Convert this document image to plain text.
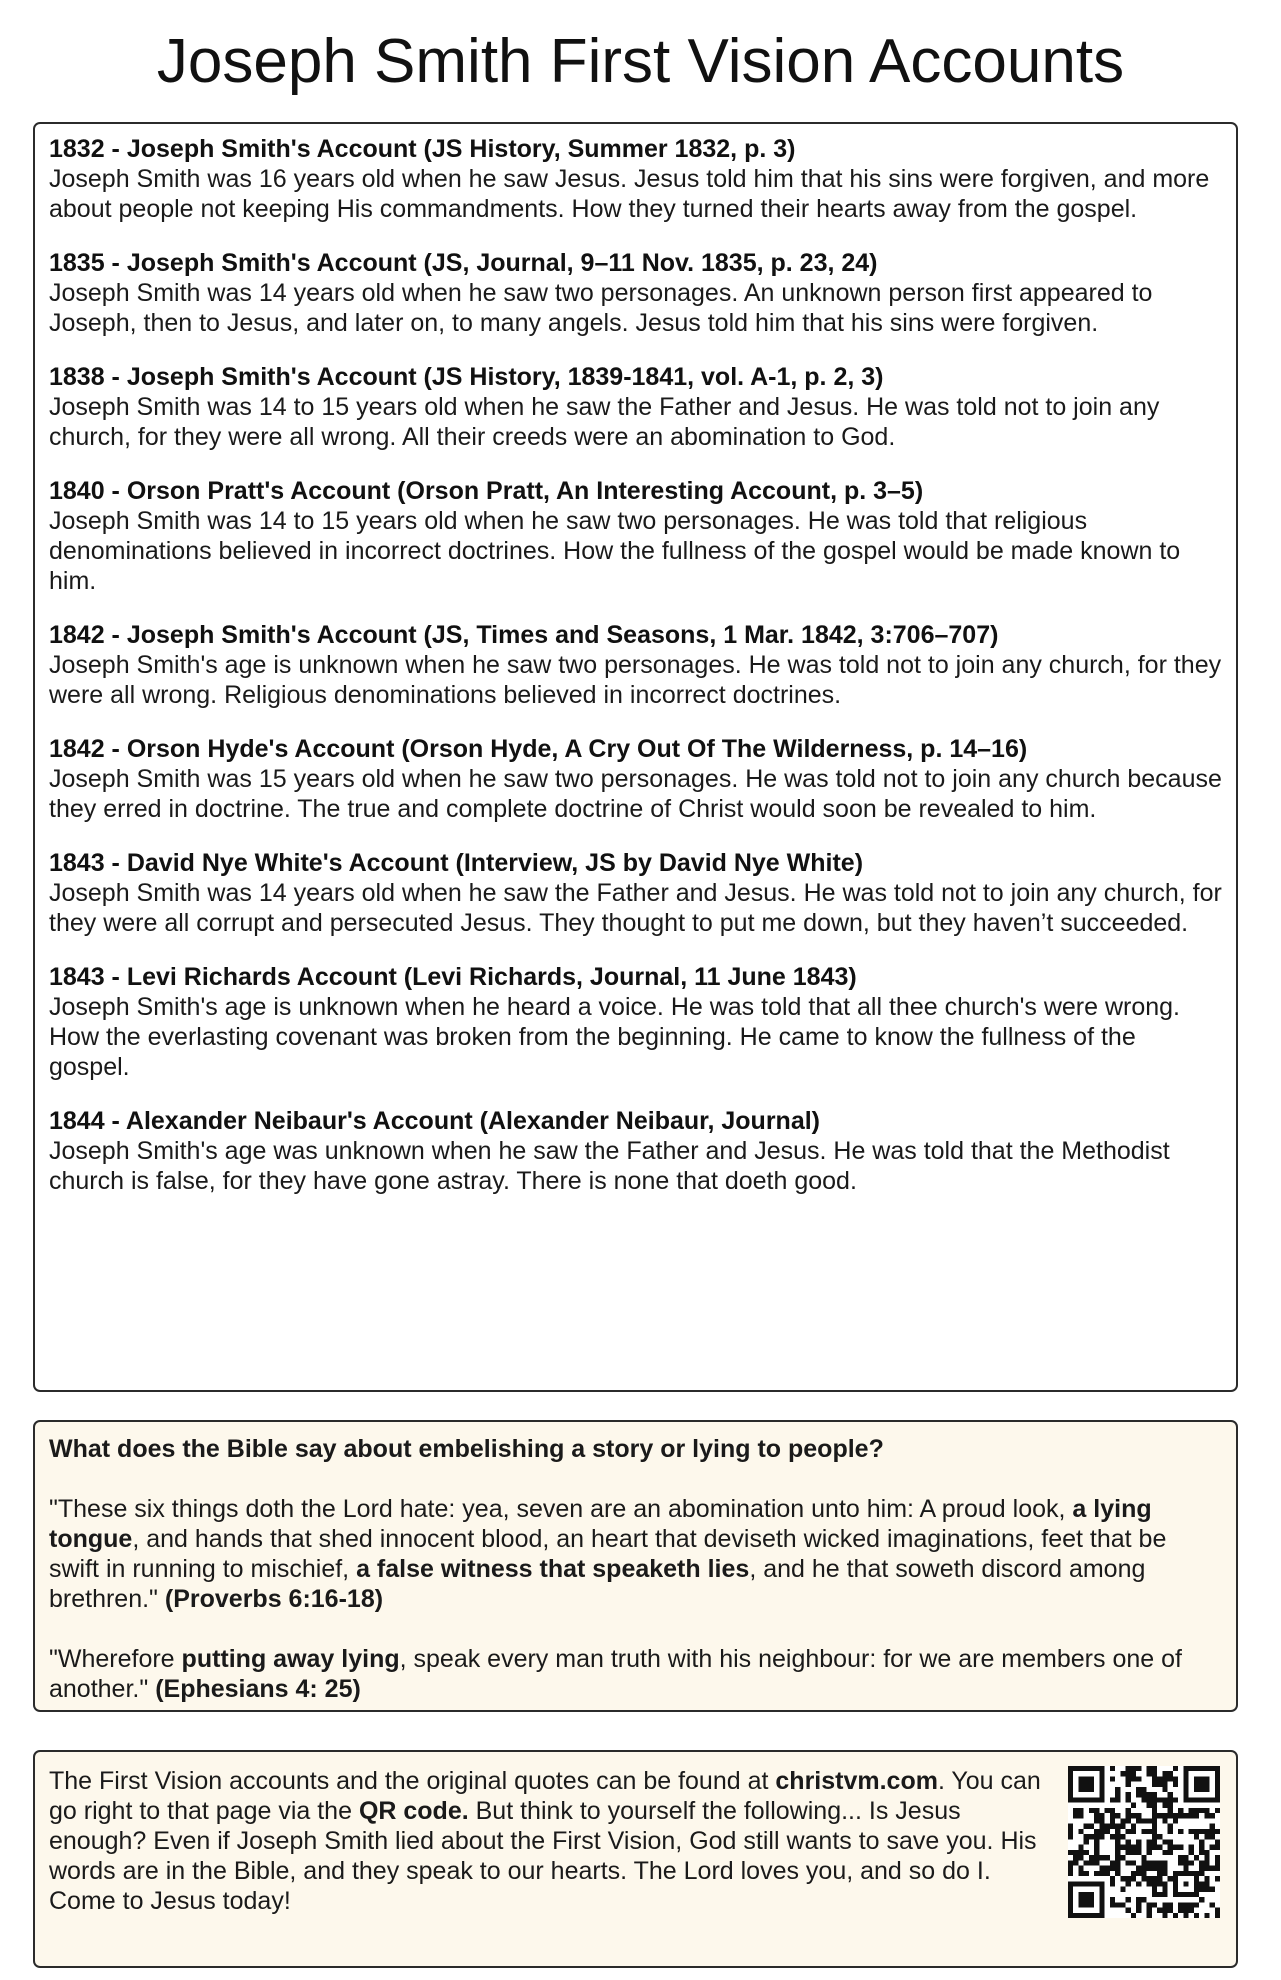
Joseph Smith First Vision Accounts
1832 - Joseph Smith's Account (JS History, Summer 1832, p. 3)

Joseph Smith was 16 years old when he saw Jesus. Jesus told him that his sins were forgiven, and more about people not keeping His commandments. How they turned their hearts away from the gospel.

1835 - Joseph Smith's Account (JS, Journal, 9–11 Nov. 1835, p. 23, 24)

Joseph Smith was 14 years old when he saw two personages. An unknown person first appeared to Joseph, then to Jesus, and later on, to many angels. Jesus told him that his sins were forgiven.

1838 - Joseph Smith's Account (JS History, 1839-1841, vol. A-1, p. 2, 3)

Joseph Smith was 14 to 15 years old when he saw the Father and Jesus. He was told not to join any church, for they were all wrong. All their creeds were an abomination to God.

1840 - Orson Pratt's Account (Orson Pratt, An Interesting Account, p. 3–5)

Joseph Smith was 14 to 15 years old when he saw two personages. He was told that religious denominations believed in incorrect doctrines. How the fullness of the gospel would be made known to him.

1842 - Joseph Smith's Account (JS, Times and Seasons, 1 Mar. 1842, 3:706–707)

Joseph Smith's age is unknown when he saw two personages. He was told not to join any church, for they were all wrong. Religious denominations believed in incorrect doctrines.

1842 - Orson Hyde's Account (Orson Hyde, A Cry Out Of The Wilderness, p. 14–16)

Joseph Smith was 15 years old when he saw two personages. He was told not to join any church because they erred in doctrine. The true and complete doctrine of Christ would soon be revealed to him.

1843 - David Nye White's Account (Interview, JS by David Nye White)

Joseph Smith was 14 years old when he saw the Father and Jesus. He was told not to join any church, for they were all corrupt and persecuted Jesus. They thought to put me down, but they haven’t succeeded.

1843 - Levi Richards Account (Levi Richards, Journal, 11 June 1843)

Joseph Smith's age is unknown when he heard a voice. He was told that all thee church's were wrong. How the everlasting covenant was broken from the beginning. He came to know the fullness of the gospel.

1844 - Alexander Neibaur's Account (Alexander Neibaur, Journal)

Joseph Smith's age was unknown when he saw the Father and Jesus. He was told that the Methodist church is false, for they have gone astray. There is none that doeth good.

What does the Bible say about embelishing a story or lying to people?

"These six things doth the Lord hate: yea, seven are an abomination unto him: A proud look, a lying tongue, and hands that shed innocent blood, an heart that deviseth wicked imaginations, feet that be swift in running to mischief, a false witness that speaketh lies, and he that soweth discord among brethren." (Proverbs 6:16-18)

"Wherefore putting away lying, speak every man truth with his neighbour: for we are members one of another." (Ephesians 4: 25)

The First Vision accounts and the original quotes can be found at christvm.com. You can go right to that page via the QR code. But think to yourself the following... Is Jesus enough? Even if Joseph Smith lied about the First Vision, God still wants to save you. His words are in the Bible, and they speak to our hearts. The Lord loves you, and so do I. Come to Jesus today!
